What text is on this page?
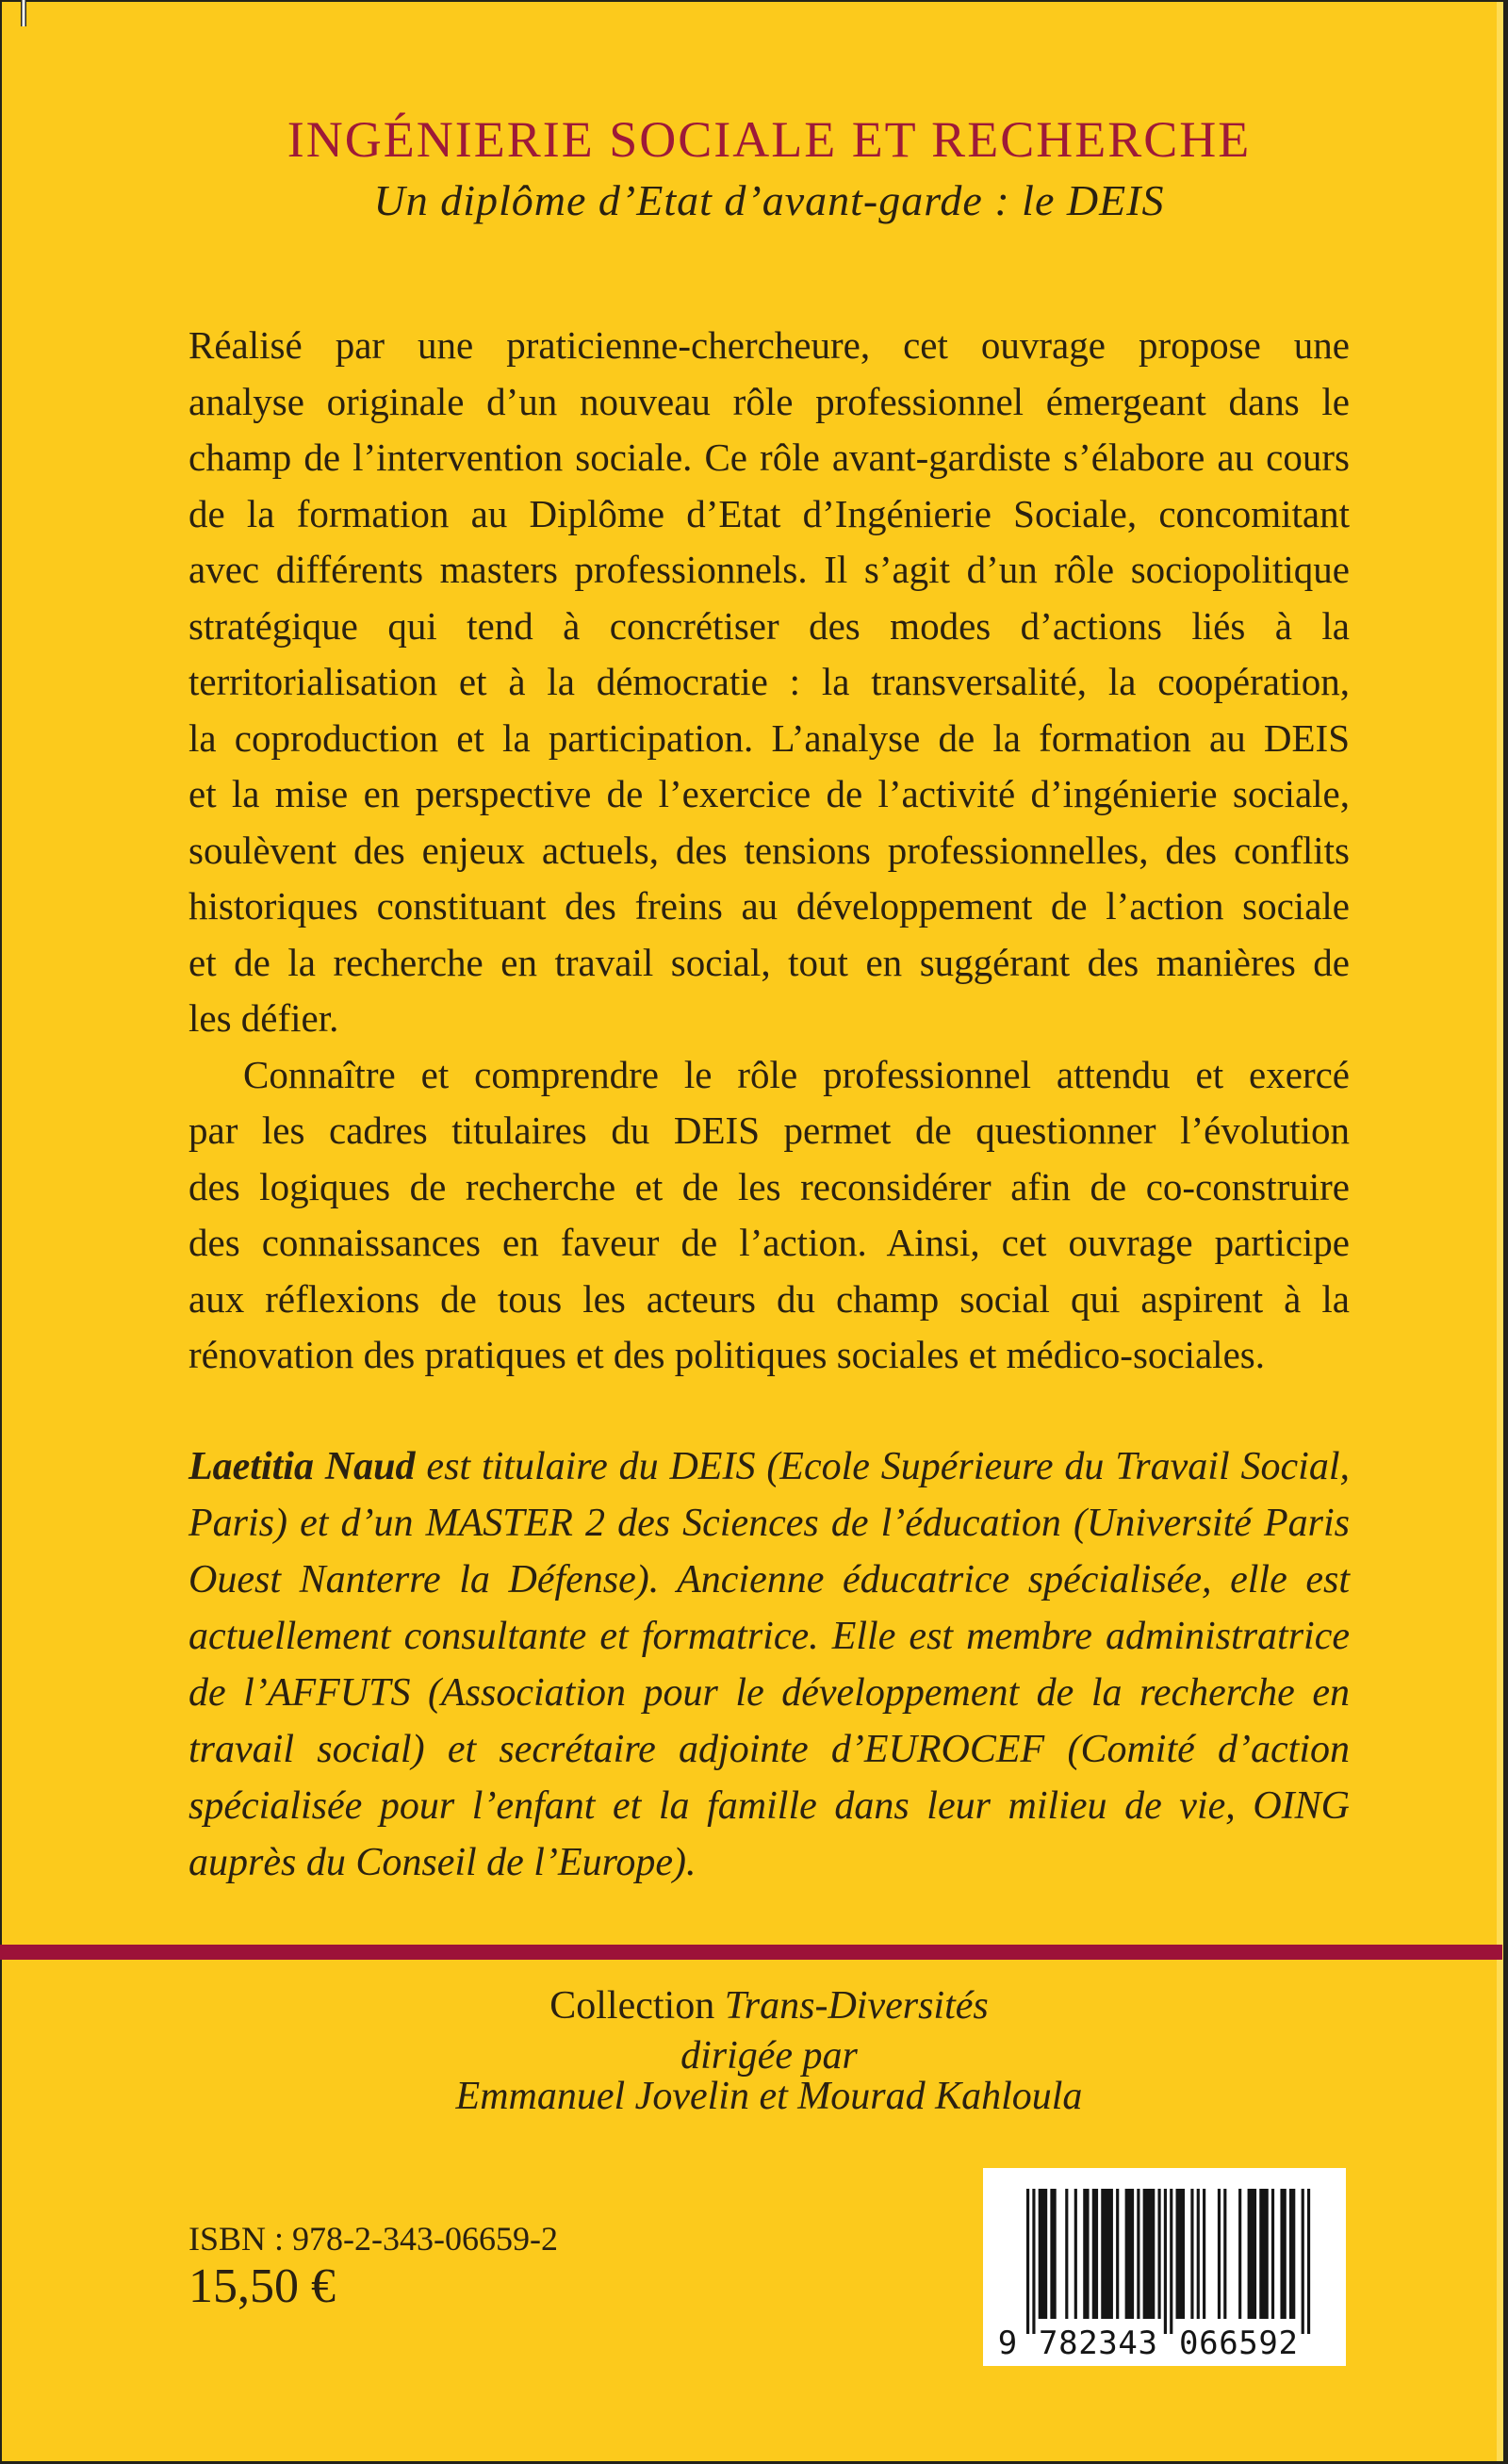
INGÉNIERIE SOCIALE ET RECHERCHE
Un diplôme d’Etat d’avant-garde : le DEIS
Réalisé par une praticienne-chercheure, cet ouvrage propose une
analyse originale d’un nouveau rôle professionnel émergeant dans le
champ de l’intervention sociale. Ce rôle avant-gardiste s’élabore au cours
de la formation au Diplôme d’Etat d’Ingénierie Sociale, concomitant
avec différents masters professionnels. Il s’agit d’un rôle sociopolitique
stratégique qui tend à concrétiser des modes d’actions liés à la
territorialisation et à la démocratie : la transversalité, la coopération,
la coproduction et la participation. L’analyse de la formation au DEIS
et la mise en perspective de l’exercice de l’activité d’ingénierie sociale,
soulèvent des enjeux actuels, des tensions professionnelles, des conflits
historiques constituant des freins au développement de l’action sociale
et de la recherche en travail social, tout en suggérant des manières de
les défier.
Connaître et comprendre le rôle professionnel attendu et exercé
par les cadres titulaires du DEIS permet de questionner l’évolution
des logiques de recherche et de les reconsidérer afin de co-construire
des connaissances en faveur de l’action. Ainsi, cet ouvrage participe
aux réflexions de tous les acteurs du champ social qui aspirent à la
rénovation des pratiques et des politiques sociales et médico-sociales.
Laetitia Naud est titulaire du DEIS (Ecole Supérieure du Travail Social,
Paris) et d’un MASTER 2 des Sciences de l’éducation (Université Paris
Ouest Nanterre la Défense). Ancienne éducatrice spécialisée, elle est
actuellement consultante et formatrice. Elle est membre administratrice
de l’AFFUTS (Association pour le développement de la recherche en
travail social) et secrétaire adjointe d’EUROCEF (Comité d’action
spécialisée pour l’enfant et la famille dans leur milieu de vie, OING
auprès du Conseil de l’Europe).
Collection Trans-Diversités
dirigée par
Emmanuel Jovelin et Mourad Kahloula
ISBN : 978-2-343-06659-2
15,50 €
9 782343 066592
